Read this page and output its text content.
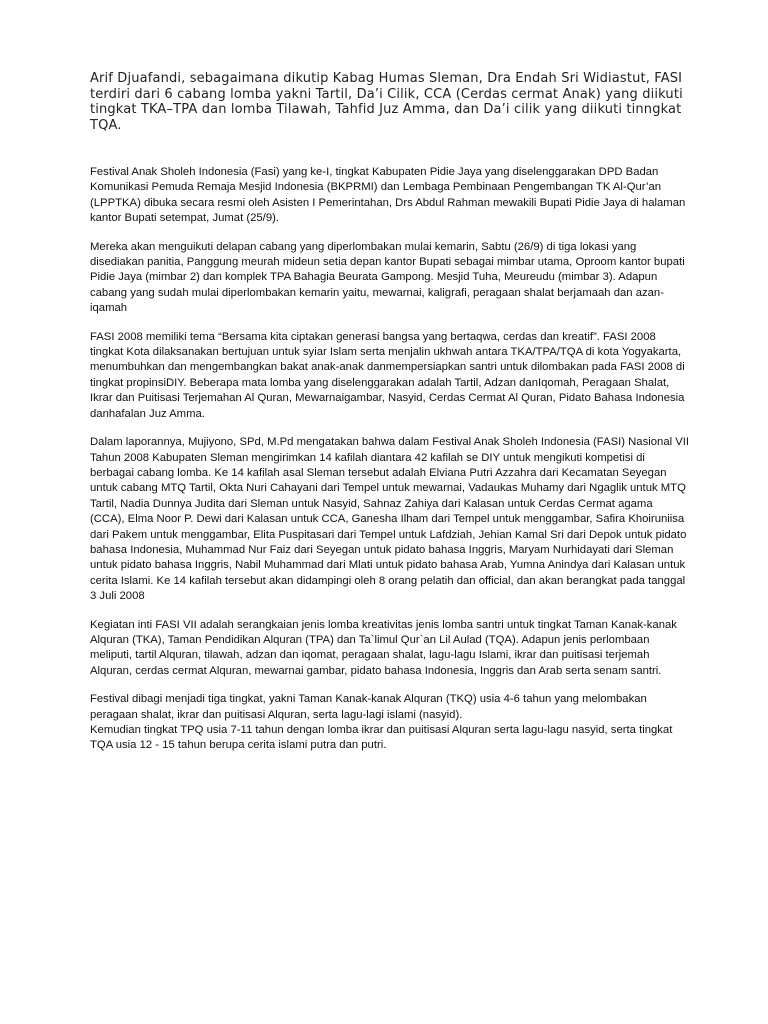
Arif Djuafandi, sebagaimana dikutip Kabag Humas Sleman, Dra Endah Sri Widiastut, FASI terdiri dari 6 cabang lomba yakni Tartil, Da’i Cilik, CCA (Cerdas cermat Anak) yang diikuti tingkat TKA–TPA dan lomba Tilawah, Tahfid Juz Amma, dan Da’i cilik yang diikuti tinngkat TQA.

Festival Anak Sholeh Indonesia (Fasi) yang ke-I, tingkat Kabupaten Pidie Jaya yang diselenggarakan DPD Badan Komunikasi Pemuda Remaja Mesjid Indonesia (BKPRMI) dan Lembaga Pembinaan Pengembangan TK Al-Qur’an (LPPTKA) dibuka secara resmi oleh Asisten I Pemerintahan, Drs Abdul Rahman mewakili Bupati Pidie Jaya di halaman kantor Bupati setempat, Jumat (25/9).

Mereka akan menguikuti delapan cabang yang diperlombakan mulai kemarin, Sabtu (26/9) di tiga lokasi yang disediakan panitia, Panggung meurah mideun setia depan kantor Bupati sebagai mimbar utama, Oproom kantor bupati Pidie Jaya (mimbar 2) dan komplek TPA Bahagia Beurata Gampong. Mesjid Tuha, Meureudu (mimbar 3). Adapun cabang yang sudah mulai diperlombakan kemarin yaitu, mewarnai, kaligrafi, peragaan shalat berjamaah dan azan-iqamah

FASI 2008 memiliki tema “Bersama kita ciptakan generasi bangsa yang bertaqwa, cerdas dan kreatif”. FASI 2008 tingkat Kota dilaksanakan bertujuan untuk syiar Islam serta menjalin ukhwah antara TKA/TPA/TQA di kota Yogyakarta, menumbuhkan dan mengembangkan bakat anak-anak danmempersiapkan santri untuk dilombakan pada FASI 2008 di tingkat propinsiDIY. Beberapa mata lomba yang diselenggarakan adalah Tartil, Adzan danIqomah, Peragaan Shalat, Ikrar dan Puitisasi Terjemahan Al Quran, Mewarnaigambar, Nasyid, Cerdas Cermat Al Quran, Pidato Bahasa Indonesia danhafalan Juz Amma.

Dalam laporannya, Mujiyono, SPd, M.Pd mengatakan bahwa dalam Festival Anak Sholeh Indonesia (FASI) Nasional VII Tahun 2008 Kabupaten Sleman mengirimkan 14 kafilah diantara 42 kafilah se DIY untuk mengikuti kompetisi di berbagai cabang lomba. Ke 14 kafilah asal Sleman tersebut adalah Elviana Putri Azzahra dari Kecamatan Seyegan untuk cabang MTQ Tartil, Okta Nuri Cahayani dari Tempel untuk mewarnai, Vadaukas Muhamy dari Ngaglik untuk MTQ Tartil, Nadia Dunnya Judita dari Sleman untuk Nasyid, Sahnaz Zahiya dari Kalasan untuk Cerdas Cermat agama (CCA), Elma Noor P. Dewi dari Kalasan untuk CCA, Ganesha Ilham dari Tempel untuk menggambar, Safira Khoiruniisa dari Pakem untuk menggambar, Elita Puspitasari dari Tempel untuk Lafdziah, Jehian Kamal Sri dari Depok untuk pidato bahasa Indonesia, Muhammad Nur Faiz dari Seyegan untuk pidato bahasa Inggris, Maryam Nurhidayati dari Sleman untuk pidato bahasa Inggris, Nabil Muhammad dari Mlati untuk pidato bahasa Arab, Yumna Anindya dari Kalasan untuk cerita Islami. Ke 14 kafilah tersebut akan didampingi oleh 8 orang pelatih dan official, dan akan berangkat pada tanggal 3 Juli 2008

Kegiatan inti FASI VII adalah serangkaian jenis lomba kreativitas jenis lomba santri untuk tingkat Taman Kanak-kanak Alquran (TKA), Taman Pendidikan Alquran (TPA) dan Ta`limul Qur`an Lil Aulad (TQA). Adapun jenis perlombaan meliputi, tartil Alquran, tilawah, adzan dan iqomat, peragaan shalat, lagu-lagu Islami, ikrar dan puitisasi terjemah Alquran, cerdas cermat Alquran, mewarnai gambar, pidato bahasa Indonesia, Inggris dan Arab serta senam santri.

Festival dibagi menjadi tiga tingkat, yakni Taman Kanak-kanak Alquran (TKQ) usia 4-6 tahun yang melombakan peragaan shalat, ikrar dan puitisasi Alquran, serta lagu-lagi islami (nasyid).
Kemudian tingkat TPQ usia 7-11 tahun dengan lomba ikrar dan puitisasi Alquran serta lagu-lagu nasyid, serta tingkat TQA usia 12 - 15 tahun berupa cerita islami putra dan putri.
